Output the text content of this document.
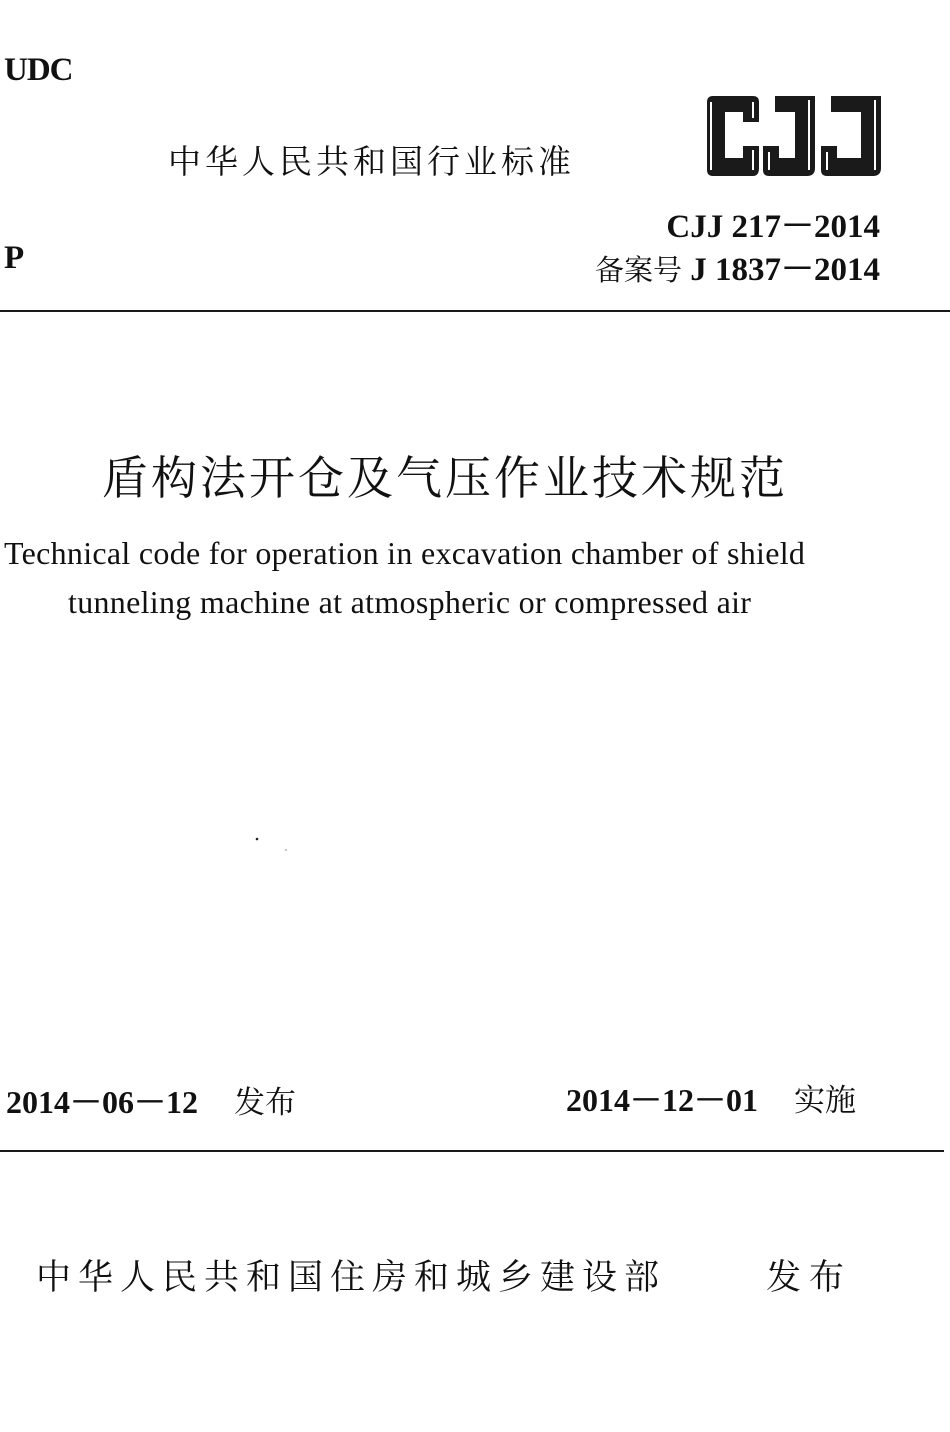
UDC
中华人民共和国行业标准
CJJ
CJJ 217－2014
P	备案号 J 1837－2014
盾构法开仓及气压作业技术规范
Technical code for operation in excavation chamber of shield
tunneling machine at atmospheric or compressed air
2014－06－12 发布	2014－12－01 实施
中华人民共和国住房和城乡建设部	发布
